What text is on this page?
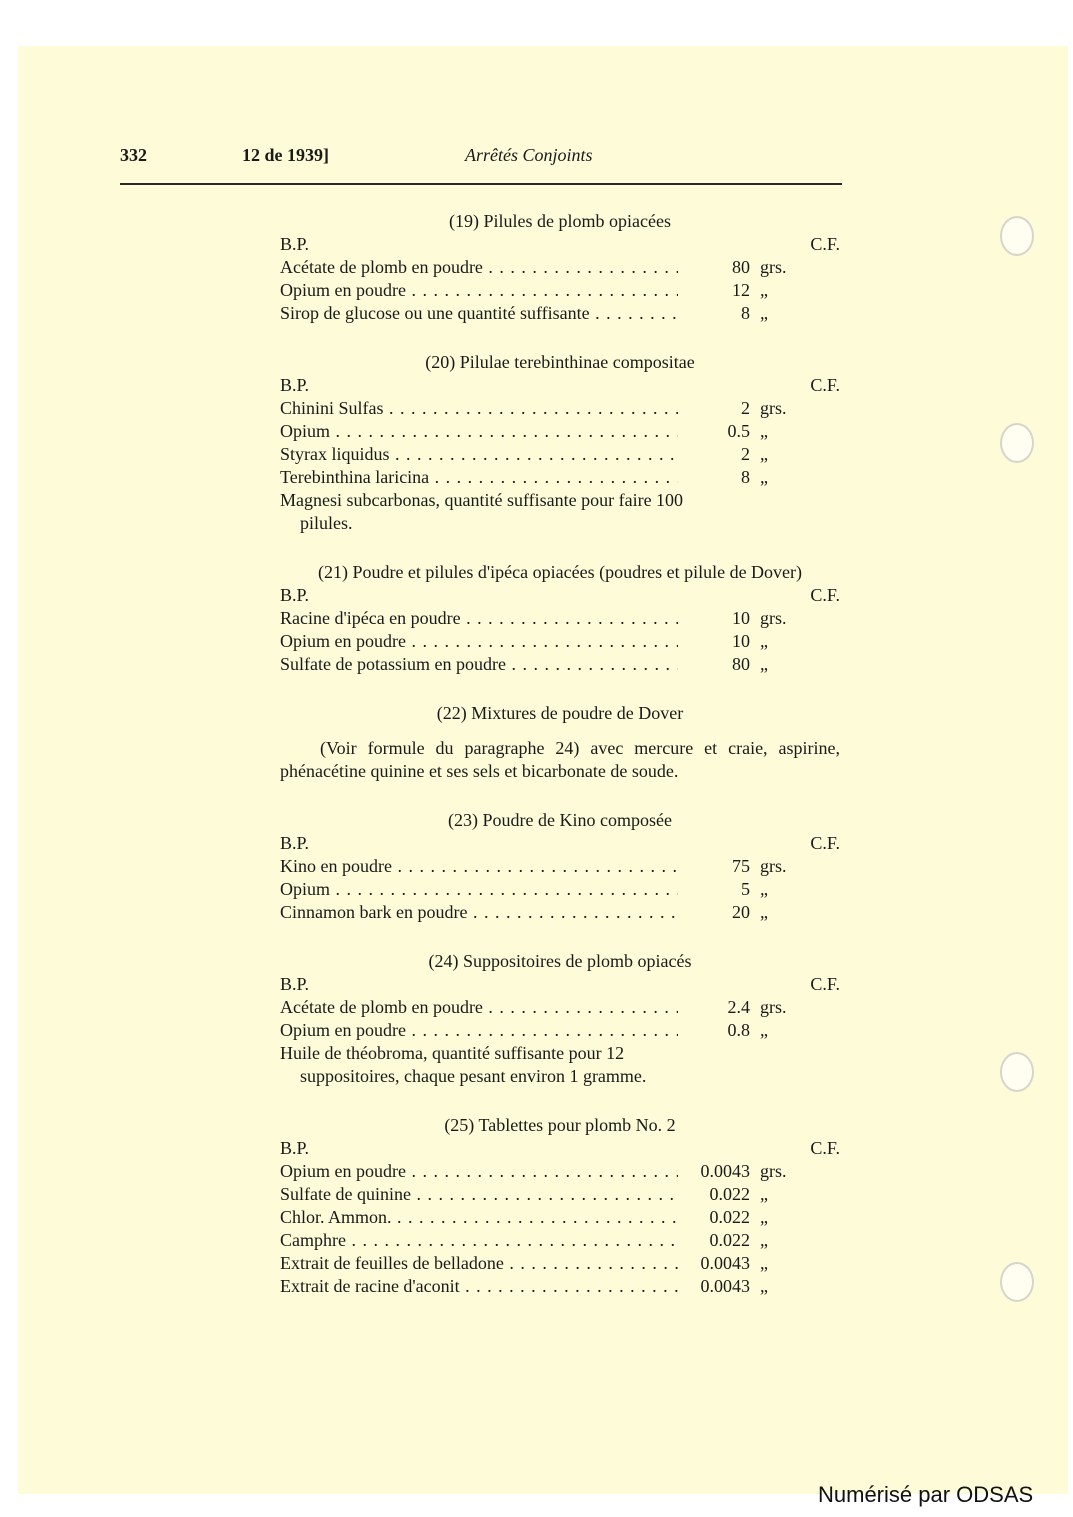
332	12 de 1939]	Arrêtés Conjoints
(19) Pilules de plomb opiacées
B.P.	C.F.
Acétate de plomb en poudre . . .	80 grs.
Opium en poudre . . .	12 „
Sirop de glucose ou une quantité suffisante . . .	8 „
(20) Pilulae terebinthinae compositae
B.P.	C.F.
Chinini Sulfas . . .	2 grs.
Opium . . .	0.5 „
Styrax liquidus . . .	2 „
Terebinthina laricina . . .	8 „
Magnesi subcarbonas, quantité suffisante pour faire 100 pilules.
(21) Poudre et pilules d'ipéca opiacées (poudres et pilule de Dover)
B.P.	C.F.
Racine d'ipéca en poudre . . .	10 grs.
Opium en poudre . . .	10 „
Sulfate de potassium en poudre . . .	80 „
(22) Mixtures de poudre de Dover
(Voir formule du paragraphe 24) avec mercure et craie, aspirine, phénacétine quinine et ses sels et bicarbonate de soude.
(23) Poudre de Kino composée
B.P.	C.F.
Kino en poudre . . .	75 grs.
Opium . . .	5 „
Cinnamon bark en poudre . . .	20 „
(24) Suppositoires de plomb opiacés
B.P.	C.F.
Acétate de plomb en poudre . . .	2.4 grs.
Opium en poudre . . .	0.8 „
Huile de théobroma, quantité suffisante pour 12 suppositoires, chaque pesant environ 1 gramme.
(25) Tablettes pour plomb No. 2
B.P.	C.F.
Opium en poudre . . .	0.0043 grs.
Sulfate de quinine . . .	0.022 „
Chlor. Ammon. . . .	0.022 „
Camphre . . .	0.022 „
Extrait de feuilles de belladone . . .	0.0043 „
Extrait de racine d'aconit . . .	0.0043 „
Numérisé par ODSAS
